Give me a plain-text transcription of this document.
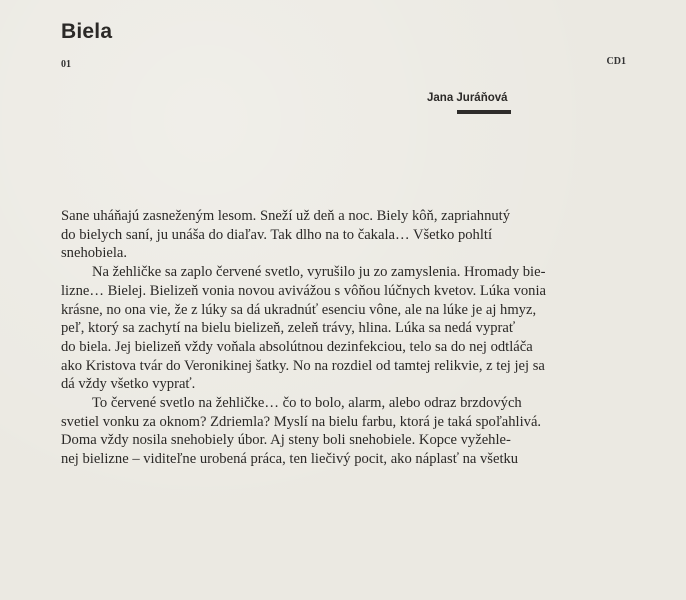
Biela
01	CD1
Jana Juráňová
Sane uháňajú zasneženým lesom. Sneží už deň a noc. Biely kôň, zapriahnutý
do bielych saní, ju unáša do diaľav. Tak dlho na to čakala… Všetko pohltí
snehobiela.
Na žehličke sa zaplo červené svetlo, vyrušilo ju zo zamyslenia. Hromady bie-
lizne… Bielej. Bielizeň vonia novou aviváž​ou s vôňou lúčnych kvetov. Lúka vonia
krásne, no ona vie, že z lúky sa dá ukradnúť esenciu vône, ale na lúke je aj hmyz,
peľ, ktorý sa zachytí na bielu bielizeň, zeleň trávy, hlina. Lúka sa nedá vypr​ať
do biela. Jej bielizeň vždy voňala absolútnou dezinfekciou, telo sa do nej odtláča
ako Kristova tvár do Veronikinej šatky. No na rozdiel od tamtej relikvie, z tej jej sa
dá vždy všetko vyprať.
To červené svetlo na žehličke… čo to bolo, alarm, alebo odraz brzdových
svetiel vonku za oknom? Zdriemla? Myslí na bielu farbu, ktorá je taká spoľahlivá.
Doma vždy nosila snehobiely úbor. Aj steny boli snehobiele. Kopce vyžehle-
nej bielizne – viditeľne urobená práca, ten liečivý pocit, ako náplasť na všetku
